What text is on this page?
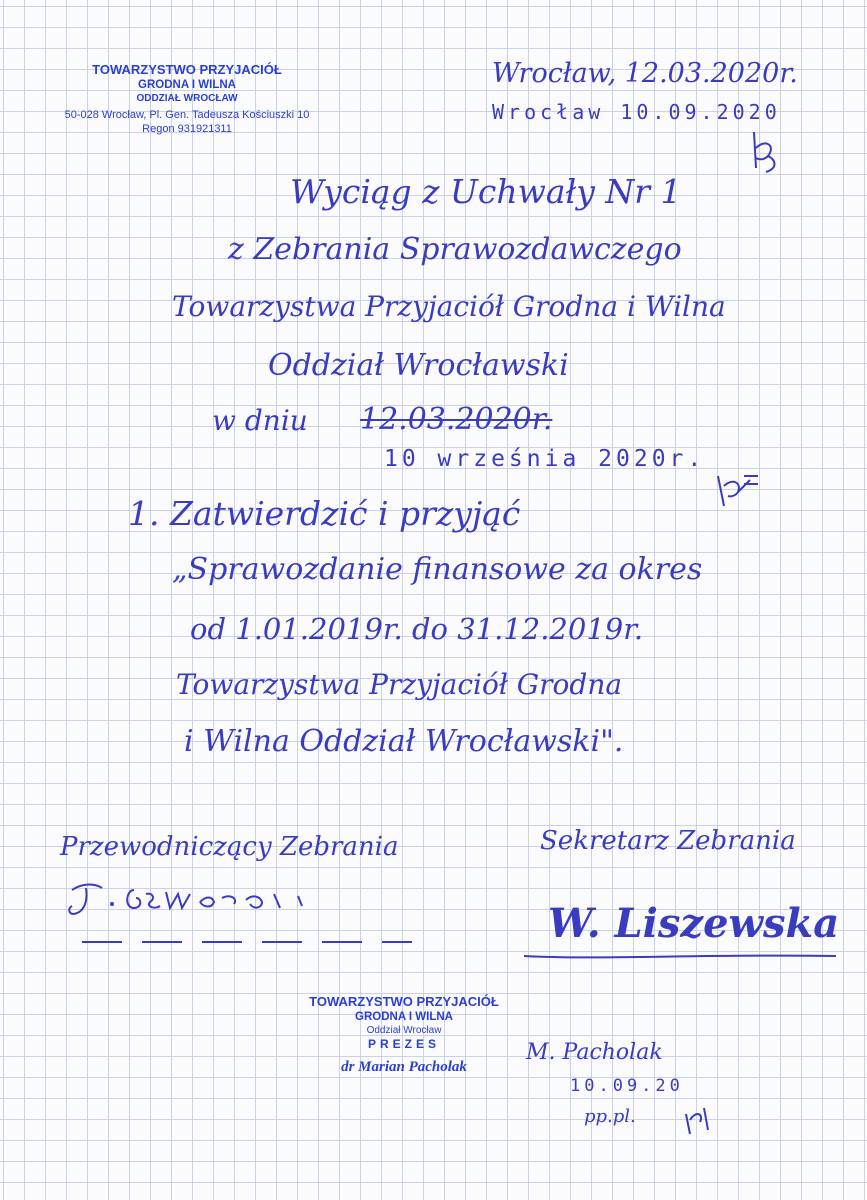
TOWARZYSTWO PRZYJACIÓŁ
GRODNA I WILNA
ODDZIAŁ WROCŁAW
50-028 Wrocław, Pl. Gen. Tadeusza Kościuszki 10
Regon 931921311
Wrocław, 12.03.2020r.
Wrocław 10.09.2020
Wyciąg z Uchwały Nr 1
z Zebrania Sprawozdawczego
Towarzystwa Przyjaciół Grodna i Wilna
Oddział Wrocławski
w dniu 12.03.2020r.
10 września 2020r.
1. Zatwierdzić i przyjąć
„Sprawozdanie finansowe za okres
od 1.01.2019r. do 31.12.2019r.
Towarzystwa Przyjaciół Grodna
i Wilna Oddział Wrocławski".
Przewodniczący Zebrania	Sekretarz Zebrania
W. Liszewska
TOWARZYSTWO PRZYJACIÓŁ
GRODNA I WILNA
Oddział Wrocław
PREZES
dr Marian Pacholak
M. Pacholak
10.09.20
pp.pl.
